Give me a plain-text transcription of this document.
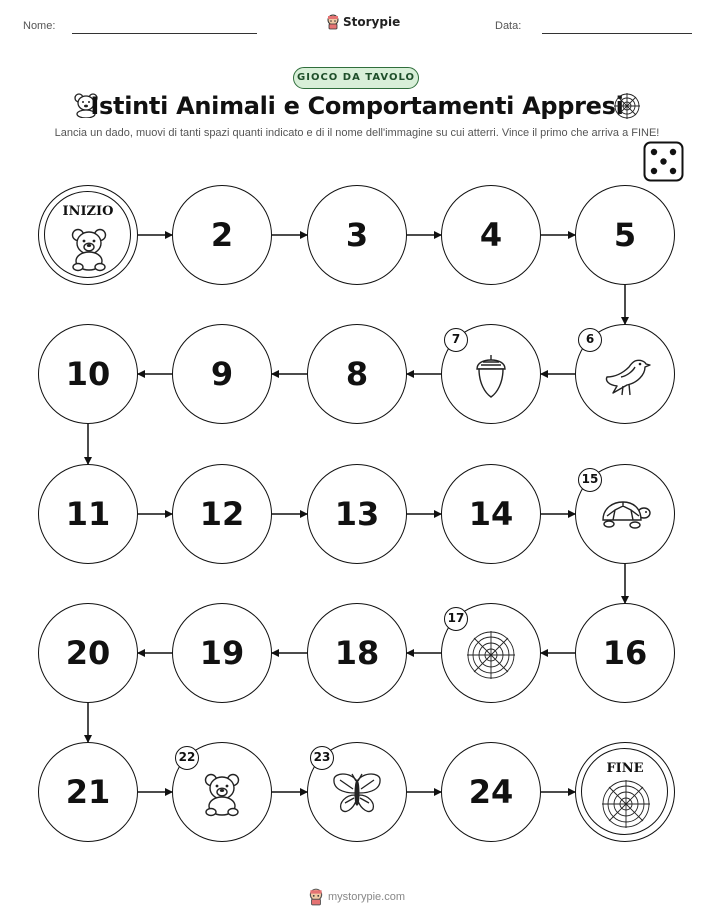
Nome:	Storypie	Data:
GIOCO DA TAVOLO
Istinti Animali e Comportamenti Appresi
Lancia un dado, muovi di tanti spazi quanti indicato e di il nome dell'immagine su cui atterri. Vince il primo che arriva a FINE!
INIZIO
2	3	4	5
6
7
8
9
10
11	12	13	14
15
16
17
18
19
20
21
22	23
24
FINE
mystorypie.com
